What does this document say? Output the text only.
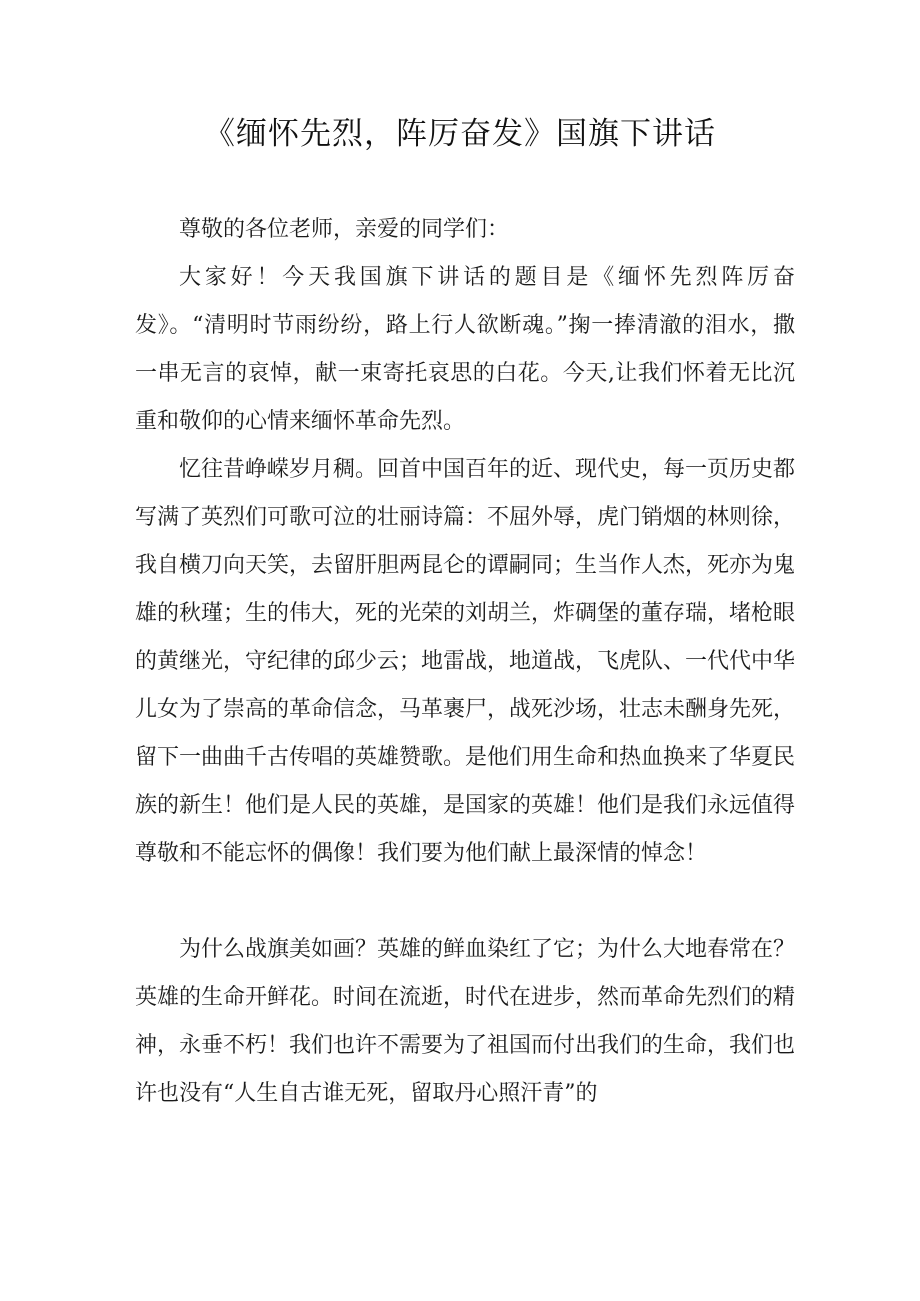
《缅怀先烈，阵厉奋发》国旗下讲话

尊敬的各位老师，亲爱的同学们：

大家好！今天我国旗下讲话的题目是《缅怀先烈阵厉奋发》。“清明时节雨纷纷，路上行人欲断魂。”掬一捧清澈的泪水，撒一串无言的哀悼，献一束寄托哀思的白花。今天,让我们怀着无比沉重和敬仰的心情来缅怀革命先烈。

忆往昔峥嵘岁月稠。回首中国百年的近、现代史，每一页历史都写满了英烈们可歌可泣的壮丽诗篇：不屈外辱，虎门销烟的林则徐，我自横刀向天笑，去留肝胆两昆仑的谭嗣同；生当作人杰，死亦为鬼雄的秋瑾；生的伟大，死的光荣的刘胡兰，炸碉堡的董存瑞，堵枪眼的黄继光，守纪律的邱少云；地雷战，地道战，飞虎队、一代代中华儿女为了崇高的革命信念，马革裹尸，战死沙场，壮志未酬身先死，留下一曲曲千古传唱的英雄赞歌。是他们用生命和热血换来了华夏民族的新生！他们是人民的英雄，是国家的英雄！他们是我们永远值得尊敬和不能忘怀的偶像！我们要为他们献上最深情的悼念！

为什么战旗美如画？英雄的鲜血染红了它；为什么大地春常在？英雄的生命开鲜花。时间在流逝，时代在进步，然而革命先烈们的精神，永垂不朽！我们也许不需要为了祖国而付出我们的生命，我们也许也没有“人生自古谁无死，留取丹心照汗青”的
